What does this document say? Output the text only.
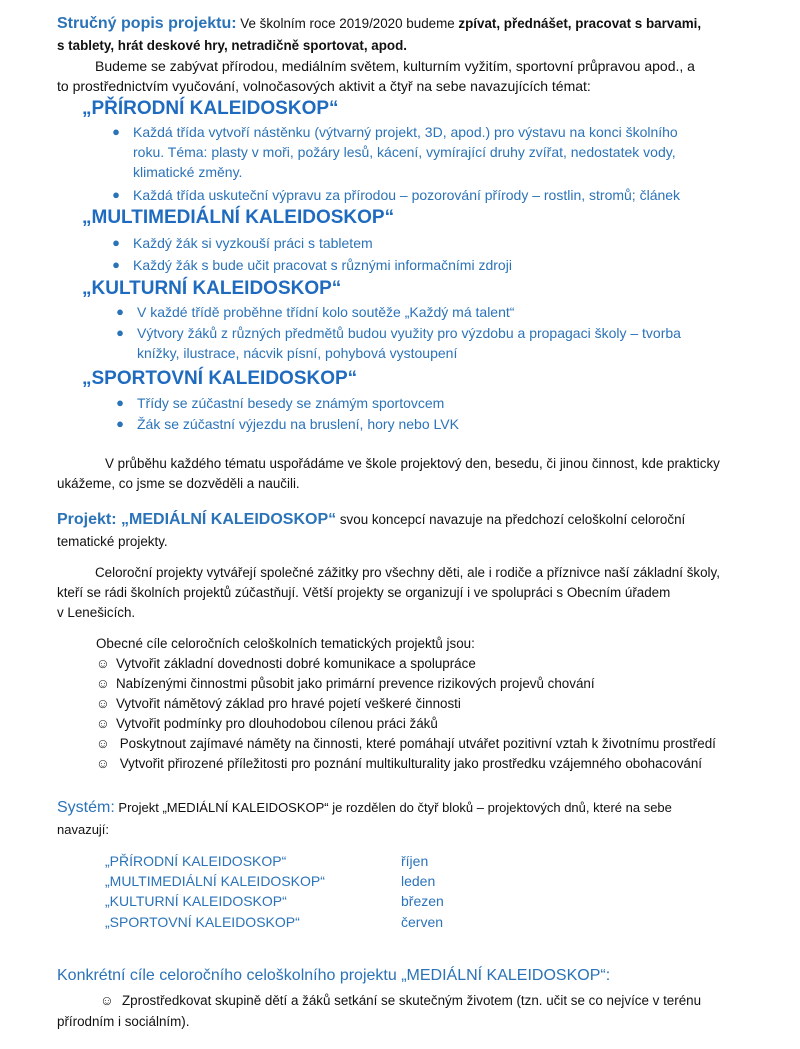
Stručný popis projektu: Ve školním roce 2019/2020 budeme zpívat, přednášet, pracovat s barvami,

s tablety, hrát deskové hry, netradičně sportovat, apod.

Budeme se zabývat přírodou, mediálním světem, kulturním vyžitím, sportovní průpravou apod., a

to prostřednictvím vyučování, volnočasových aktivit a čtyř na sebe navazujících témat:

„PŘÍRODNÍ KALEIDOSKOP“
● Každá třída vytvoří nástěnku (výtvarný projekt, 3D, apod.) pro výstavu na konci školního
roku. Téma: plasty v moři, požáry lesů, kácení, vymírající druhy zvířat, nedostatek vody,
klimatické změny.
● Každá třída uskuteční výpravu za přírodou – pozorování přírody – rostlin, stromů; článek
„MULTIMEDIÁLNÍ KALEIDOSKOP“
● Každý žák si vyzkouší práci s tabletem
● Každý žák s bude učit pracovat s různými informačními zdroji
„KULTURNÍ KALEIDOSKOP“
● V každé třídě proběhne třídní kolo soutěže „Každý má talent“
● Výtvory žáků z různých předmětů budou využity pro výzdobu a propagaci školy – tvorba
knížky, ilustrace, nácvik písní, pohybová vystoupení
„SPORTOVNÍ KALEIDOSKOP“
● Třídy se zúčastní besedy se známým sportovcem
● Žák se zúčastní výjezdu na bruslení, hory nebo LVK

V průběhu každého tématu uspořádáme ve škole projektový den, besedu, či jinou činnost, kde prakticky

ukážeme, co jsme se dozvěděli a naučili.

Projekt: „MEDIÁLNÍ KALEIDOSKOP“ svou koncepcí navazuje na předchozí celoškolní celoroční

tematické projekty.

Celoroční projekty vytvářejí společné zážitky pro všechny děti, ale i rodiče a příznivce naší základní školy,

kteří se rádi školních projektů zúčastňují. Větší projekty se organizují i ve spolupráci s Obecním úřadem

v Lenešicích.

Obecné cíle celoročních celoškolních tematických projektů jsou:

☺ Vytvořit základní dovednosti dobré komunikace a spolupráce
☺ Nabízenými činnostmi působit jako primární prevence rizikových projevů chování
☺ Vytvořit námětový základ pro hravé pojetí veškeré činnosti
☺ Vytvořit podmínky pro dlouhodobou cílenou práci žáků
☺ Poskytnout zajímavé náměty na činnosti, které pomáhají utvářet pozitivní vztah k životnímu prostředí
☺ Vytvořit přirozené příležitosti pro poznání multikulturality jako prostředku vzájemného obohacování

Systém: Projekt „MEDIÁLNÍ KALEIDOSKOP“ je rozdělen do čtyř bloků – projektových dnů, které na sebe

navazují:

„PŘÍRODNÍ KALEIDOSKOP“	říjen
„MULTIMEDIÁLNÍ KALEIDOSKOP“	leden
„KULTURNÍ KALEIDOSKOP“	březen
„SPORTOVNÍ KALEIDOSKOP“	červen

Konkrétní cíle celoročního celoškolního projektu „MEDIÁLNÍ KALEIDOSKOP“:

☺ Zprostředkovat skupině dětí a žáků setkání se skutečným životem (tzn. učit se co nejvíce v terénu

přírodním i sociálním).
